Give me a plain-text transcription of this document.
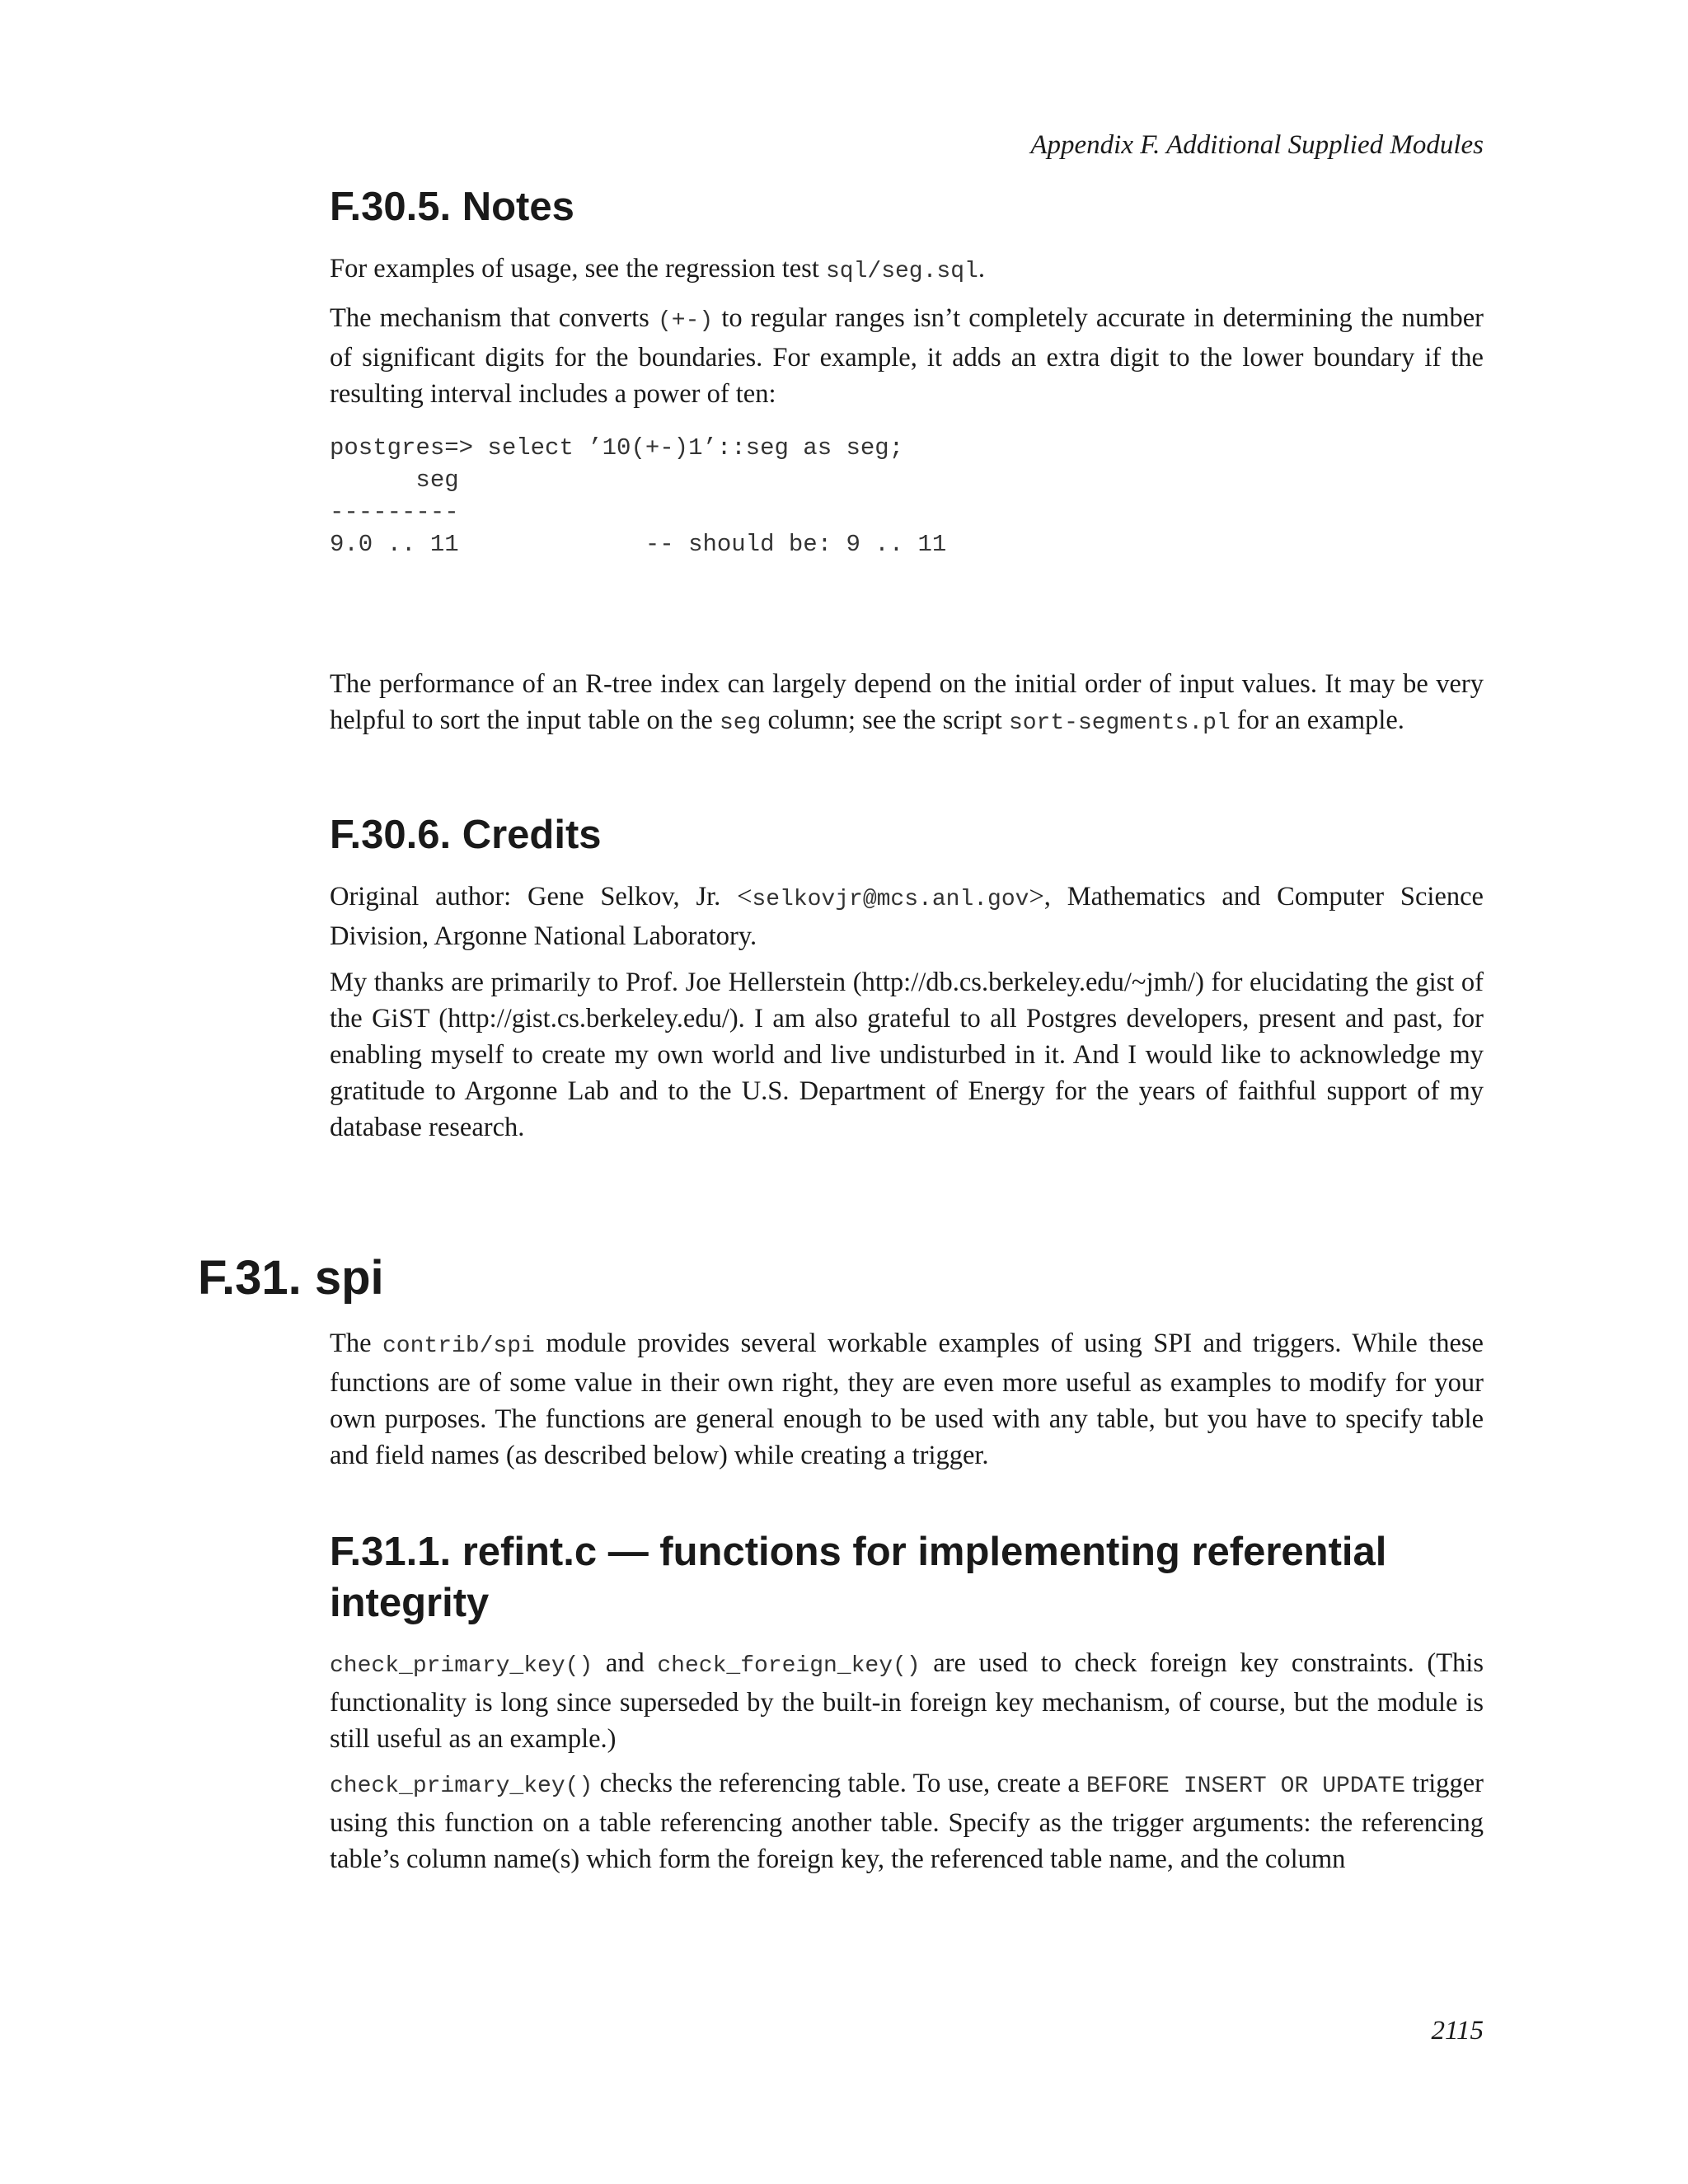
Appendix F. Additional Supplied Modules
F.30.5. Notes

For examples of usage, see the regression test sql/seg.sql.

The mechanism that converts (+-) to regular ranges isn’t completely accurate in determining the number of significant digits for the boundaries. For example, it adds an extra digit to the lower boundary if the resulting interval includes a power of ten:

postgres=> select ’10(+-)1’::seg as seg;
seg
---------
9.0 .. 11             -- should be: 9 .. 11

The performance of an R-tree index can largely depend on the initial order of input values. It may be very helpful to sort the input table on the seg column; see the script sort-segments.pl for an example.

F.30.6. Credits

Original author: Gene Selkov, Jr. <selkovjr@mcs.anl.gov>, Mathematics and Computer Science Division, Argonne National Laboratory.

My thanks are primarily to Prof. Joe Hellerstein (http://db.cs.berkeley.edu/~jmh/) for elucidating the gist of the GiST (http://gist.cs.berkeley.edu/). I am also grateful to all Postgres developers, present and past, for enabling myself to create my own world and live undisturbed in it. And I would like to acknowledge my gratitude to Argonne Lab and to the U.S. Department of Energy for the years of faithful support of my database research.

F.31. spi

The contrib/spi module provides several workable examples of using SPI and triggers. While these functions are of some value in their own right, they are even more useful as examples to modify for your own purposes. The functions are general enough to be used with any table, but you have to specify table and field names (as described below) while creating a trigger.

F.31.1. refint.c — functions for implementing referential integrity

check_primary_key() and check_foreign_key() are used to check foreign key constraints. (This functionality is long since superseded by the built-in foreign key mechanism, of course, but the module is still useful as an example.)

check_primary_key() checks the referencing table. To use, create a BEFORE INSERT OR UPDATE trigger using this function on a table referencing another table. Specify as the trigger arguments: the referencing table’s column name(s) which form the foreign key, the referenced table name, and the column

2115
